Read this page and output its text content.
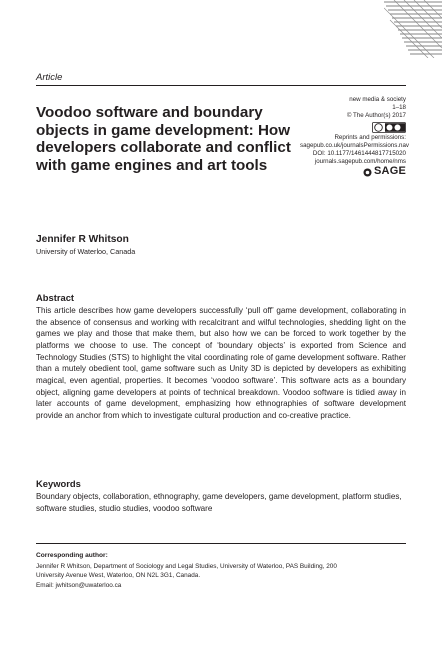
Article
new media & society
1–18
© The Author(s) 2017
Reprints and permissions:
sagepub.co.uk/journalsPermissions.nav
DOI: 10.1177/1461444817715020
journals.sagepub.com/home/nms
SAGE
Voodoo software and boundary objects in game development: How developers collaborate and conflict with game engines and art tools
Jennifer R Whitson
University of Waterloo, Canada
Abstract
This article describes how game developers successfully ‘pull off’ game development, collaborating in the absence of consensus and working with recalcitrant and wilful technologies, shedding light on the games we play and those that make them, but also how we can be forced to work together by the platforms we choose to use. The concept of ‘boundary objects’ is exported from Science and Technology Studies (STS) to highlight the vital coordinating role of game development software. Rather than a mutely obedient tool, game software such as Unity 3D is depicted by developers as exhibiting magical, even agential, properties. It becomes ‘voodoo software’. This software acts as a boundary object, aligning game developers at points of technical breakdown. Voodoo software is tidied away in later accounts of game development, emphasizing how ethnographies of software development provide an anchor from which to investigate cultural production and co-creative practice.
Keywords
Boundary objects, collaboration, ethnography, game developers, game development, platform studies, software studies, studio studies, voodoo software
Corresponding author:
Jennifer R Whitson, Department of Sociology and Legal Studies, University of Waterloo, PAS Building, 200
University Avenue West, Waterloo, ON N2L 3G1, Canada.
Email: jwhitson@uwaterloo.ca
